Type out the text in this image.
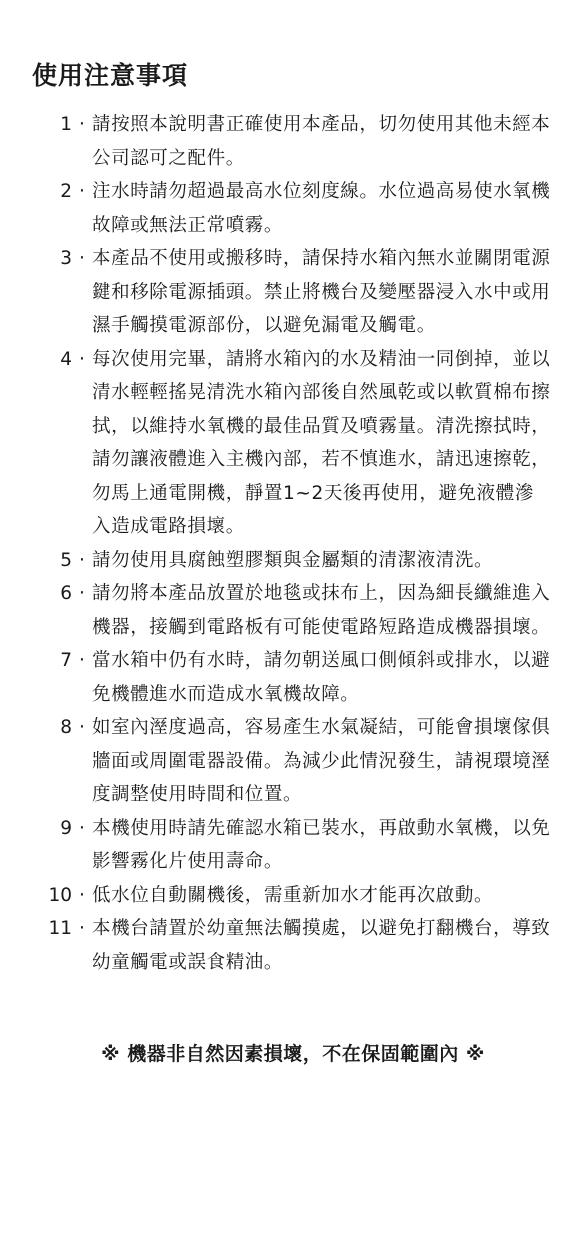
使用注意事項
1 · 請按照本說明書正確使用本產品，切勿使用其他未經本公司認可之配件。
2 · 注水時請勿超過最高水位刻度線。水位過高易使水氧機故障或無法正常噴霧。
3 · 本產品不使用或搬移時，請保持水箱內無水並關閉電源鍵和移除電源插頭。禁止將機台及變壓器浸入水中或用濕手觸摸電源部份，以避免漏電及觸電。
4 · 每次使用完畢，請將水箱內的水及精油一同倒掉，並以清水輕輕搖晃清洗水箱內部後自然風乾或以軟質棉布擦拭，以維持水氧機的最佳品質及噴霧量。清洗擦拭時，請勿讓液體進入主機內部，若不慎進水，請迅速擦乾，勿馬上通電開機，靜置1~2天後再使用，避免液體滲入造成電路損壞。
5 · 請勿使用具腐蝕塑膠類與金屬類的清潔液清洗。
6 · 請勿將本產品放置於地毯或抹布上，因為細長纖維進入機器，接觸到電路板有可能使電路短路造成機器損壞。
7 · 當水箱中仍有水時，請勿朝送風口側傾斜或排水，以避免機體進水而造成水氧機故障。
8 · 如室內溼度過高，容易產生水氣凝結，可能會損壞傢俱牆面或周圍電器設備。為減少此情況發生，請視環境溼度調整使用時間和位置。
9 · 本機使用時請先確認水箱已裝水，再啟動水氧機，以免影響霧化片使用壽命。
10 · 低水位自動關機後，需重新加水才能再次啟動。
11 · 本機台請置於幼童無法觸摸處，以避免打翻機台，導致幼童觸電或誤食精油。
※ 機器非自然因素損壞，不在保固範圍內 ※
